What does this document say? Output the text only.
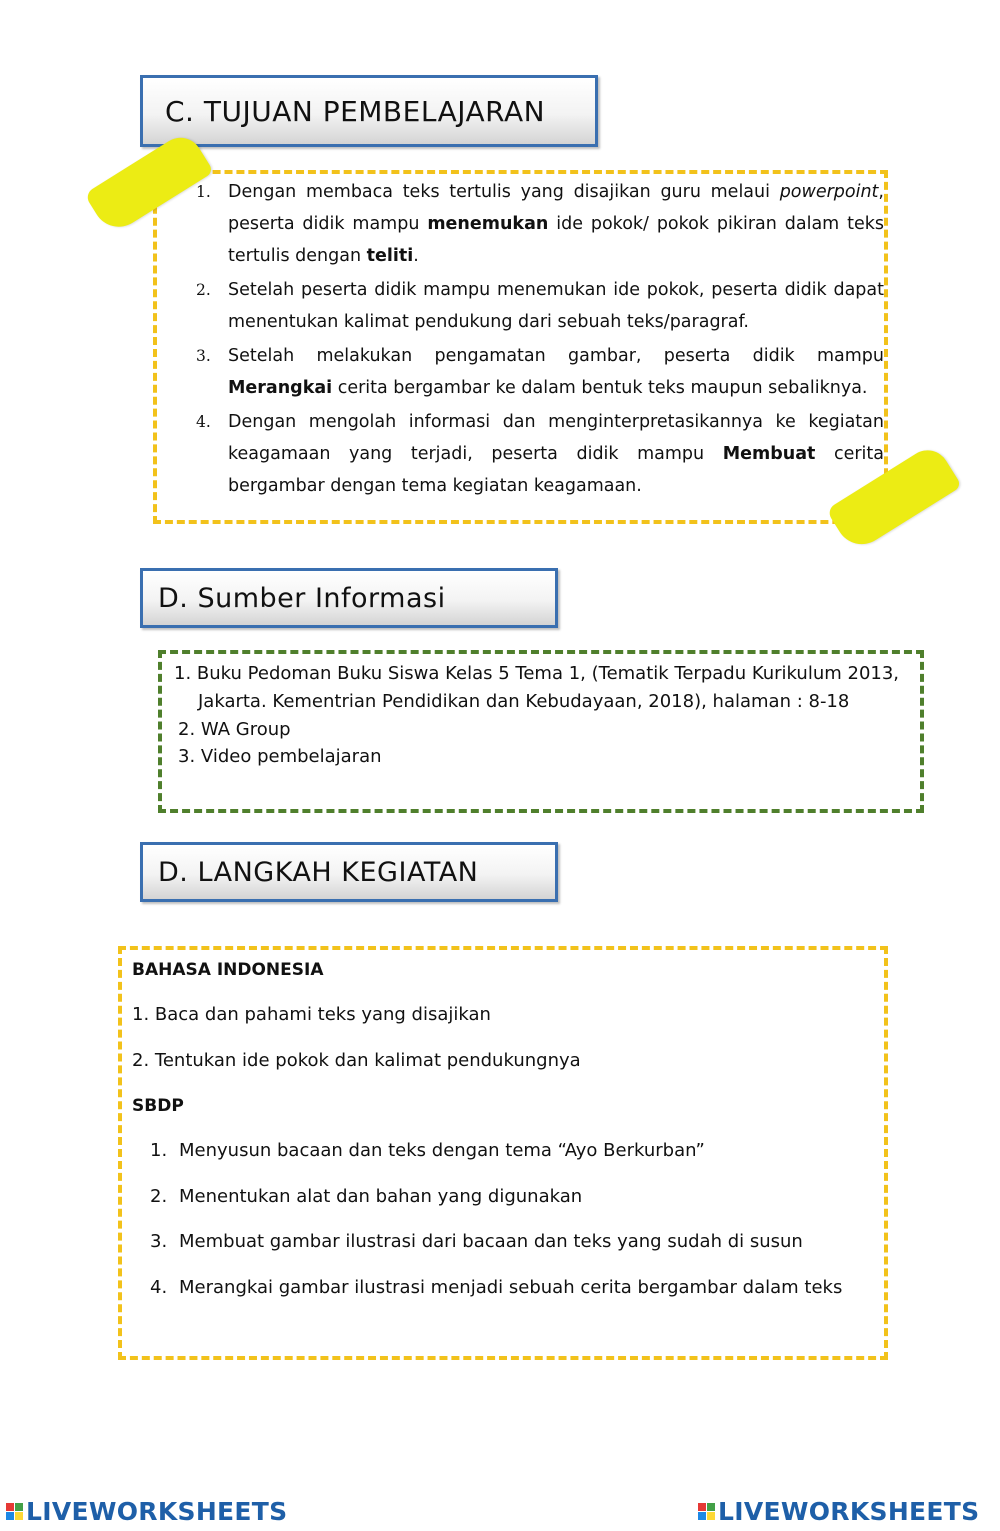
C. TUJUAN PEMBELAJARAN
1. Dengan membaca teks tertulis yang disajikan guru melaui powerpoint, peserta didik mampu menemukan ide pokok/ pokok pikiran dalam teks tertulis dengan teliti.
2. Setelah peserta didik mampu menemukan ide pokok, peserta didik dapat menentukan kalimat pendukung dari sebuah teks/paragraf.
3. Setelah melakukan pengamatan gambar, peserta didik mampu Merangkai cerita bergambar ke dalam bentuk teks maupun sebaliknya.
4. Dengan mengolah informasi dan menginterpretasikannya ke kegiatan keagamaan yang terjadi, peserta didik mampu Membuat cerita bergambar dengan tema kegiatan keagamaan.
D. Sumber Informasi
1. Buku Pedoman Buku Siswa Kelas 5 Tema 1, (Tematik Terpadu Kurikulum 2013,
Jakarta. Kementrian Pendidikan dan Kebudayaan, 2018), halaman : 8-18
2. WA Group
3. Video pembelajaran
D. LANGKAH KEGIATAN
BAHASA INDONESIA
1. Baca dan pahami teks yang disajikan
2. Tentukan ide pokok dan kalimat pendukungnya
SBDP
1. Menyusun bacaan dan teks dengan tema “Ayo Berkurban”
2. Menentukan alat dan bahan yang digunakan
3. Membuat gambar ilustrasi dari bacaan dan teks yang sudah di susun
4. Merangkai gambar ilustrasi menjadi sebuah cerita bergambar dalam teks
LIVEWORKSHEETS	LIVEWORKSHEETS
